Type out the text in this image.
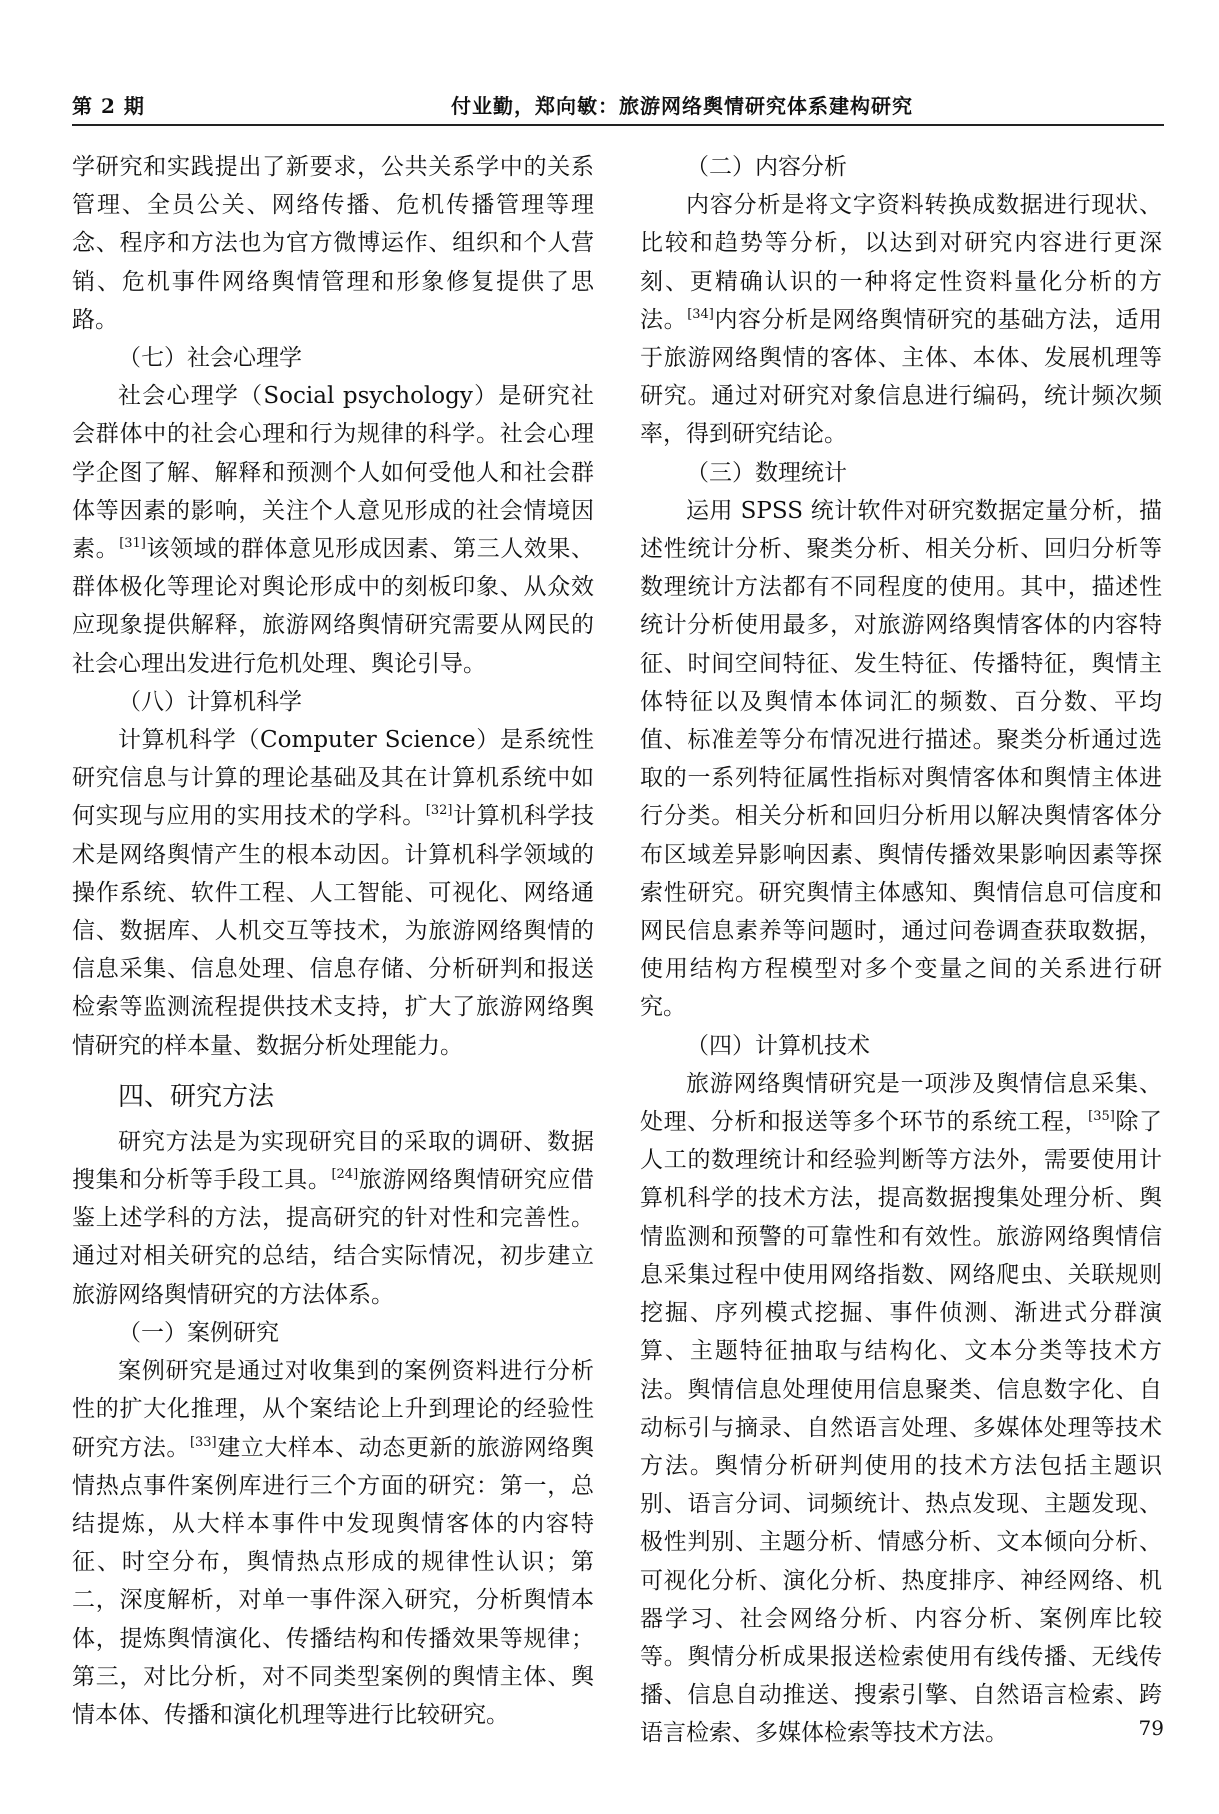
第 2 期	付业勤，郑向敏：旅游网络舆情研究体系建构研究

学研究和实践提出了新要求，公共关系学中的关系管理、全员公关、网络传播、危机传播管理等理念、程序和方法也为官方微博运作、组织和个人营销、危机事件网络舆情管理和形象修复提供了思路。

（七）社会心理学

社会心理学（Social psychology）是研究社会群体中的社会心理和行为规律的科学。社会心理学企图了解、解释和预测个人如何受他人和社会群体等因素的影响，关注个人意见形成的社会情境因素。[31]该领域的群体意见形成因素、第三人效果、群体极化等理论对舆论形成中的刻板印象、从众效应现象提供解释，旅游网络舆情研究需要从网民的社会心理出发进行危机处理、舆论引导。

（八）计算机科学

计算机科学（Computer Science）是系统性研究信息与计算的理论基础及其在计算机系统中如何实现与应用的实用技术的学科。[32]计算机科学技术是网络舆情产生的根本动因。计算机科学领域的操作系统、软件工程、人工智能、可视化、网络通信、数据库、人机交互等技术，为旅游网络舆情的信息采集、信息处理、信息存储、分析研判和报送检索等监测流程提供技术支持，扩大了旅游网络舆情研究的样本量、数据分析处理能力。

四、研究方法

研究方法是为实现研究目的采取的调研、数据搜集和分析等手段工具。[24]旅游网络舆情研究应借鉴上述学科的方法，提高研究的针对性和完善性。通过对相关研究的总结，结合实际情况，初步建立旅游网络舆情研究的方法体系。

（一）案例研究

案例研究是通过对收集到的案例资料进行分析性的扩大化推理，从个案结论上升到理论的经验性研究方法。[33]建立大样本、动态更新的旅游网络舆情热点事件案例库进行三个方面的研究：第一，总结提炼，从大样本事件中发现舆情客体的内容特征、时空分布，舆情热点形成的规律性认识；第二，深度解析，对单一事件深入研究，分析舆情本体，提炼舆情演化、传播结构和传播效果等规律；第三，对比分析，对不同类型案例的舆情主体、舆情本体、传播和演化机理等进行比较研究。

（二）内容分析

内容分析是将文字资料转换成数据进行现状、比较和趋势等分析，以达到对研究内容进行更深刻、更精确认识的一种将定性资料量化分析的方法。[34]内容分析是网络舆情研究的基础方法，适用于旅游网络舆情的客体、主体、本体、发展机理等研究。通过对研究对象信息进行编码，统计频次频率，得到研究结论。

（三）数理统计

运用 SPSS 统计软件对研究数据定量分析，描述性统计分析、聚类分析、相关分析、回归分析等数理统计方法都有不同程度的使用。其中，描述性统计分析使用最多，对旅游网络舆情客体的内容特征、时间空间特征、发生特征、传播特征，舆情主体特征以及舆情本体词汇的频数、百分数、平均值、标准差等分布情况进行描述。聚类分析通过选取的一系列特征属性指标对舆情客体和舆情主体进行分类。相关分析和回归分析用以解决舆情客体分布区域差异影响因素、舆情传播效果影响因素等探索性研究。研究舆情主体感知、舆情信息可信度和网民信息素养等问题时，通过问卷调查获取数据，使用结构方程模型对多个变量之间的关系进行研究。

（四）计算机技术

旅游网络舆情研究是一项涉及舆情信息采集、处理、分析和报送等多个环节的系统工程，[35]除了人工的数理统计和经验判断等方法外，需要使用计算机科学的技术方法，提高数据搜集处理分析、舆情监测和预警的可靠性和有效性。旅游网络舆情信息采集过程中使用网络指数、网络爬虫、关联规则挖掘、序列模式挖掘、事件侦测、渐进式分群演算、主题特征抽取与结构化、文本分类等技术方法。舆情信息处理使用信息聚类、信息数字化、自动标引与摘录、自然语言处理、多媒体处理等技术方法。舆情分析研判使用的技术方法包括主题识别、语言分词、词频统计、热点发现、主题发现、极性判别、主题分析、情感分析、文本倾向分析、可视化分析、演化分析、热度排序、神经网络、机器学习、社会网络分析、内容分析、案例库比较等。舆情分析成果报送检索使用有线传播、无线传播、信息自动推送、搜索引擎、自然语言检索、跨语言检索、多媒体检索等技术方法。	79
